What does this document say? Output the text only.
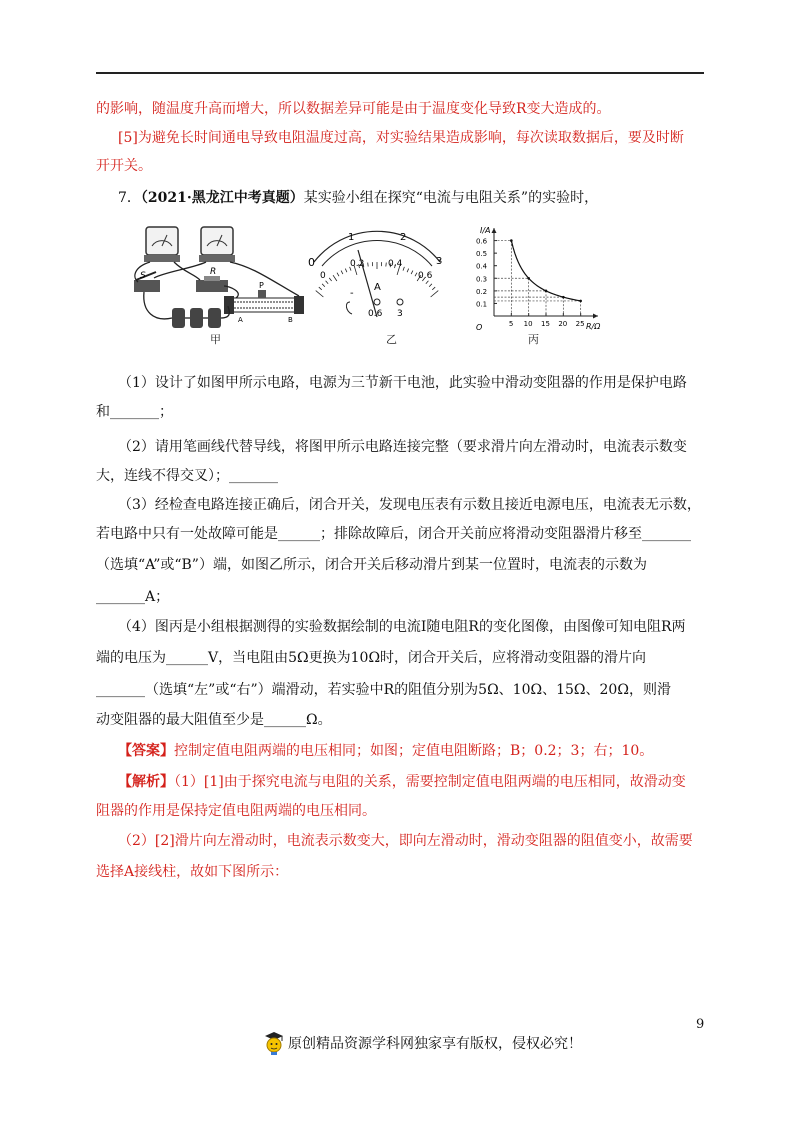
的影响，随温度升高而增大，所以数据差异可能是由于温度变化导致R变大造成的。
[5]为避免长时间通电导致电阻温度过高，对实验结果造成影响，每次读取数据后，要及时断
开开关。
7．（2021·黑龙江中考真题）某实验小组在探究“电流与电阻关系”的实验时，
S	R
P
A	B
甲
0
1	2
3
0
0.2	0.4
0.6
A
-
0.6 3
乙
I/A
R/Ω
O
0.6
0.5
0.4
0.3
0.2
0.1
5 10 15 20 25
丙
（1）设计了如图甲所示电路，电源为三节新干电池，此实验中滑动变阻器的作用是保护电路
和_______；
（2）请用笔画线代替导线，将图甲所示电路连接完整（要求滑片向左滑动时，电流表示数变
大，连线不得交叉）；_______
（3）经检查电路连接正确后，闭合开关，发现电压表有示数且接近电源电压，电流表无示数，
若电路中只有一处故障可能是______；排除故障后，闭合开关前应将滑动变阻器滑片移至_______
（选填“A”或“B”）端，如图乙所示，闭合开关后移动滑片到某一位置时，电流表的示数为
_______A；
（4）图丙是小组根据测得的实验数据绘制的电流I随电阻R的变化图像，由图像可知电阻R两
端的电压为______V，当电阻由5Ω更换为10Ω时，闭合开关后，应将滑动变阻器的滑片向
_______（选填“左”或“右”）端滑动，若实验中R的阻值分别为5Ω、10Ω、15Ω、20Ω，则滑
动变阻器的最大阻值至少是______Ω。
【答案】控制定值电阻两端的电压相同；如图；定值电阻断路；B；0.2；3；右；10。
【解析】（1）[1]由于探究电流与电阻的关系，需要控制定值电阻两端的电压相同，故滑动变
阻器的作用是保持定值电阻两端的电压相同。
（2）[2]滑片向左滑动时，电流表示数变大，即向左滑动时，滑动变阻器的阻值变小，故需要
选择A接线柱，故如下图所示：
9
原创精品资源学科网独家享有版权，侵权必究！
